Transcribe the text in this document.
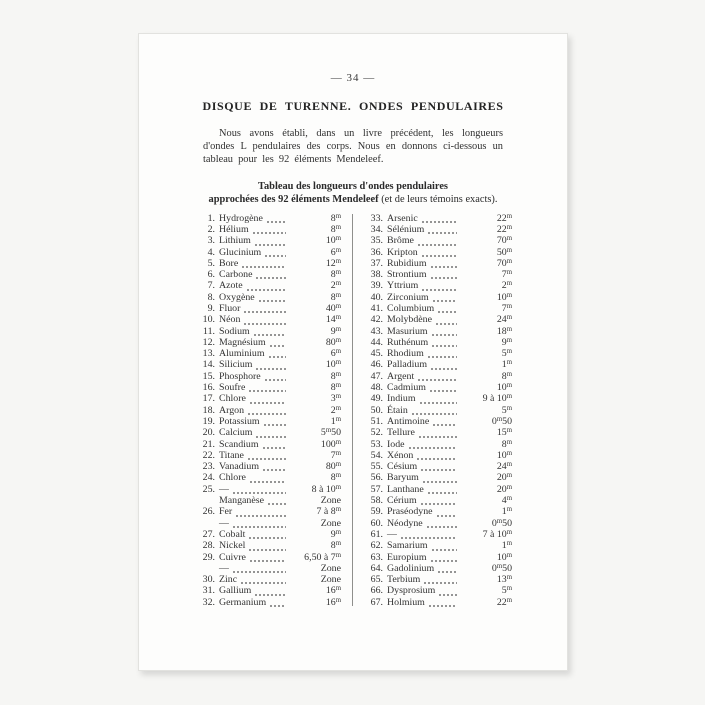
— 34 —
DISQUE DE TURENNE. ONDES PENDULAIRES

Nous avons établi, dans un livre précédent, les longueurs d'ondes L pendulaires des corps. Nous en donnons ci-dessous un tableau pour les 92 éléments Mendeleef.

Tableau des longueurs d'ondes pendulaires
approchées des 92 éléments Mendeleef (et de leurs témoins exacts).
1. Hydrogène	8$^m$
2. Hélium	8$^m$
3. Lithium	10$^m$
4. Glucinium	6$^m$
5. Bore	12$^m$
6. Carbone	8$^m$
7. Azote	2$^m$
8. Oxygène	8$^m$
9. Fluor	40$^m$
10. Néon	14$^m$
11. Sodium	9$^m$
12. Magnésium	80$^m$
13. Aluminium	6$^m$
14. Silicium	10$^m$
15. Phosphore	8$^m$
16. Soufre	8$^m$
17. Chlore	3$^m$
18. Argon	2$^m$
19. Potassium	1$^m$
20. Calcium	5$^m$50
21. Scandium	100$^m$
22. Titane	7$^m$
23. Vanadium	80$^m$
24. Chlore	8$^m$
25. —	8 à 10$^m$
Manganèse	Zone
26. Fer	7 à 8$^m$
—	Zone
27. Cobalt	9$^m$
28. Nickel	8$^m$
29. Cuivre	6,50 à 7$^m$
—	Zone
30. Zinc	Zone
31. Gallium	16$^m$
32. Germanium	16$^m$
33. Arsenic	22$^m$
34. Sélénium	22$^m$
35. Brôme	70$^m$
36. Kripton	50$^m$
37. Rubidium	70$^m$
38. Strontium	7$^m$
39. Yttrium	2$^m$
40. Zirconium	10$^m$
41. Columbium	7$^m$
42. Molybdène	24$^m$
43. Masurium	18$^m$
44. Ruthénum	9$^m$
45. Rhodium	5$^m$
46. Palladium	1$^m$
47. Argent	8$^m$
48. Cadmium	10$^m$
49. Indium	9 à 10$^m$
50. Étain	5$^m$
51. Antimoine	0$^m$50
52. Tellure	15$^m$
53. Iode	8$^m$
54. Xénon	10$^m$
55. Césium	24$^m$
56. Baryum	20$^m$
57. Lanthane	20$^m$
58. Cérium	4$^m$
59. Praséodyne	1$^m$
60. Néodyne	0$^m$50
61. —	7 à 10$^m$
62. Samarium	1$^m$
63. Europium	10$^m$
64. Gadolinium	0$^m$50
65. Terbium	13$^m$
66. Dysprosium	5$^m$
67. Holmium	22$^m$
